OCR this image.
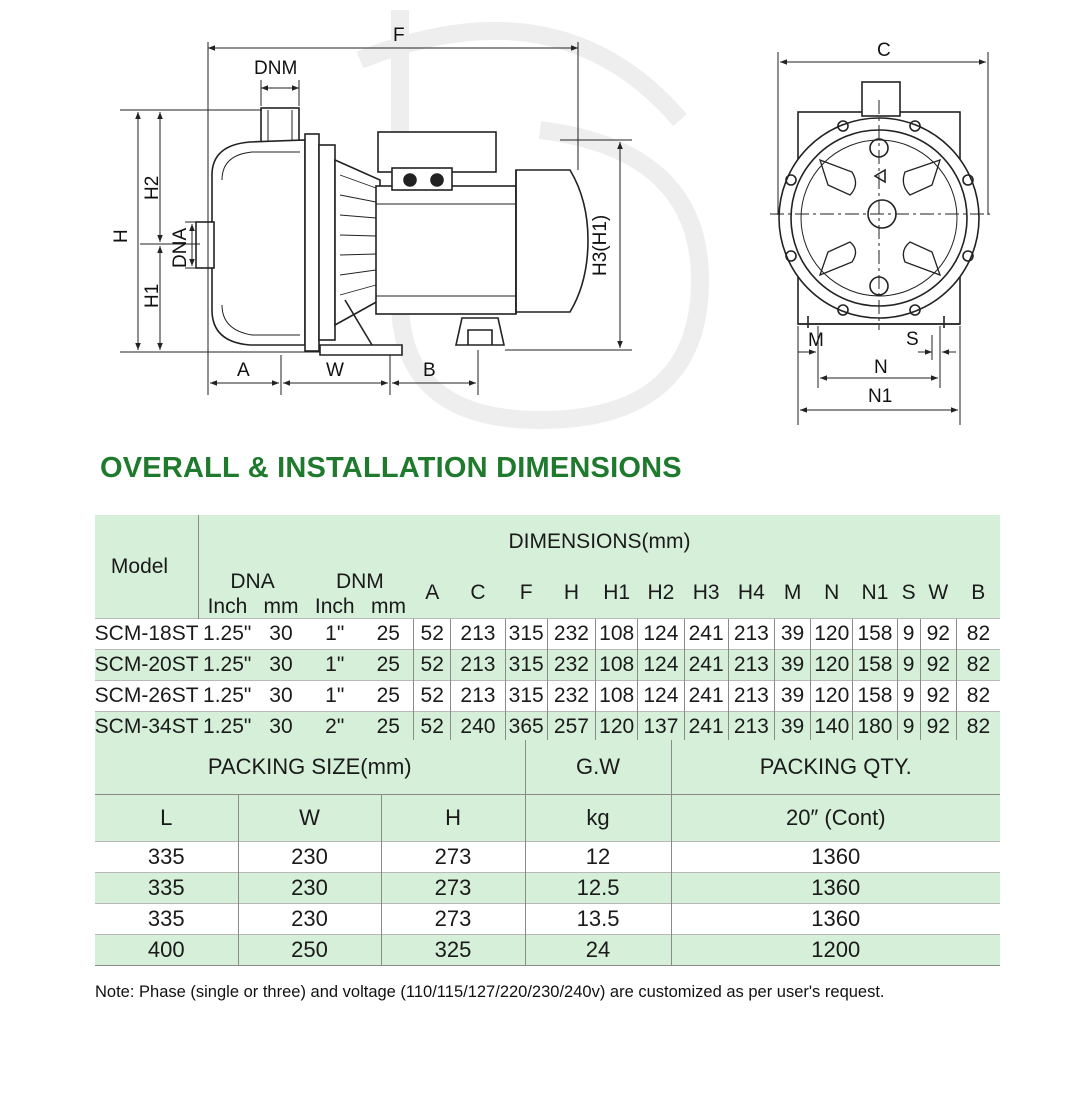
F
DNM
H
H2
H1
DNA	H3(H1)
A	W	B
C
M	S
N
N1
OVERALL & INSTALLATION DIMENSIONS
Model	DIMENSIONS(mm)																	
	DNA		DNM		A	C	F	H	H1	H2	H3	H4	M	N	N1	S	W	B
	Inch	mm	Inch	mm														

SCM-18ST	1.25"	30	1"	25	52	213	315	232	108	124	241	213	39	120	158	9	92	82

SCM-20ST	1.25"	30	1"	25	52	213	315	232	108	124	241	213	39	120	158	9	92	82

SCM-26ST	1.25"	30	1"	25	52	213	315	232	108	124	241	213	39	120	158	9	92	82

SCM-34ST	1.25"	30	2"	25	52	240	365	257	120	137	241	213	39	140	180	9	92	82
PACKING SIZE(mm)			G.W	PACKING QTY.
L	W	H	kg	20″ (Cont)
335	230	273	12	1360
335	230	273	12.5	1360
335	230	273	13.5	1360
400	250	325	24	1200

Note: Phase (single or three) and voltage (110/115/127/220/230/240v) are customized as per user's request.
